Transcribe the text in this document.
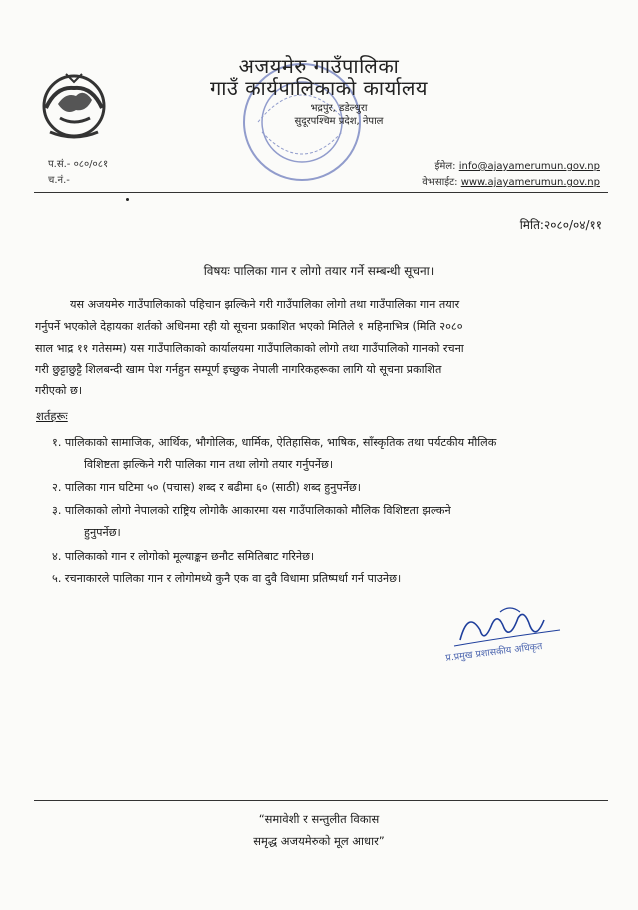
अजयमेरु गाउँपालिका
गाउँ कार्यपालिकाको कार्यालय
भद्रपुर, डडेल्धुरा
सुदूरपश्चिम प्रदेश, नेपाल
प.सं.- ०८०/०८१
च.नं.-
ईमेल: info@ajayamerumun.gov.np
वेभसाईट: www.ajayamerumun.gov.np
मिति:२०८०/०४/११
विषयः पालिका गान र लोगो तयार गर्ने सम्बन्धी सूचना।
यस अजयमेरु गाउँपालिकाको पहिचान झल्किने गरी गाउँपालिका लोगो तथा गाउँपालिका गान तयार
गर्नुपर्ने भएकोले देहायका शर्तको अधिनमा रही यो सूचना प्रकाशित भएको मितिले १ महिनाभित्र (मिति २०८०
साल भाद्र ११ गतेसम्म) यस गाउँपालिकाको कार्यालयमा गाउँपालिकाको लोगो तथा गाउँपालिको गानको रचना
गरी छुट्टाछुट्टै शिलबन्दी खाम पेश गर्नहुन सम्पूर्ण इच्छुक नेपाली नागरिकहरूका लागि यो सूचना प्रकाशित
गरीएको छ।
शर्तहरूः
१. पालिकाको सामाजिक, आर्थिक, भौगोलिक, धार्मिक, ऐतिहासिक, भाषिक, साँस्कृतिक तथा पर्यटकीय मौलिक
विशिष्टता झल्किने गरी पालिका गान तथा लोगो तयार गर्नुपर्नेछ।
२. पालिका गान घटिमा ५० (पचास) शब्द र बढीमा ६० (साठी) शब्द हुनुपर्नेछ।
३. पालिकाको लोगो नेपालको राष्ट्रिय लोगोकै आकारमा यस गाउँपालिकाको मौलिक विशिष्टता झल्कने
हुनुपर्नेछ।
४. पालिकाको गान र लोगोको मूल्याङ्कन छनौट समितिबाट गरिनेछ।
५. रचनाकारले पालिका गान र लोगोमध्ये कुनै एक वा दुवै विधामा प्रतिष्पर्धा गर्न पाउनेछ।
प्र.प्रमुख प्रशासकीय अधिकृत
“समावेशी र सन्तुलीत विकास
समृद्ध अजयमेरुको मूल आधार”
